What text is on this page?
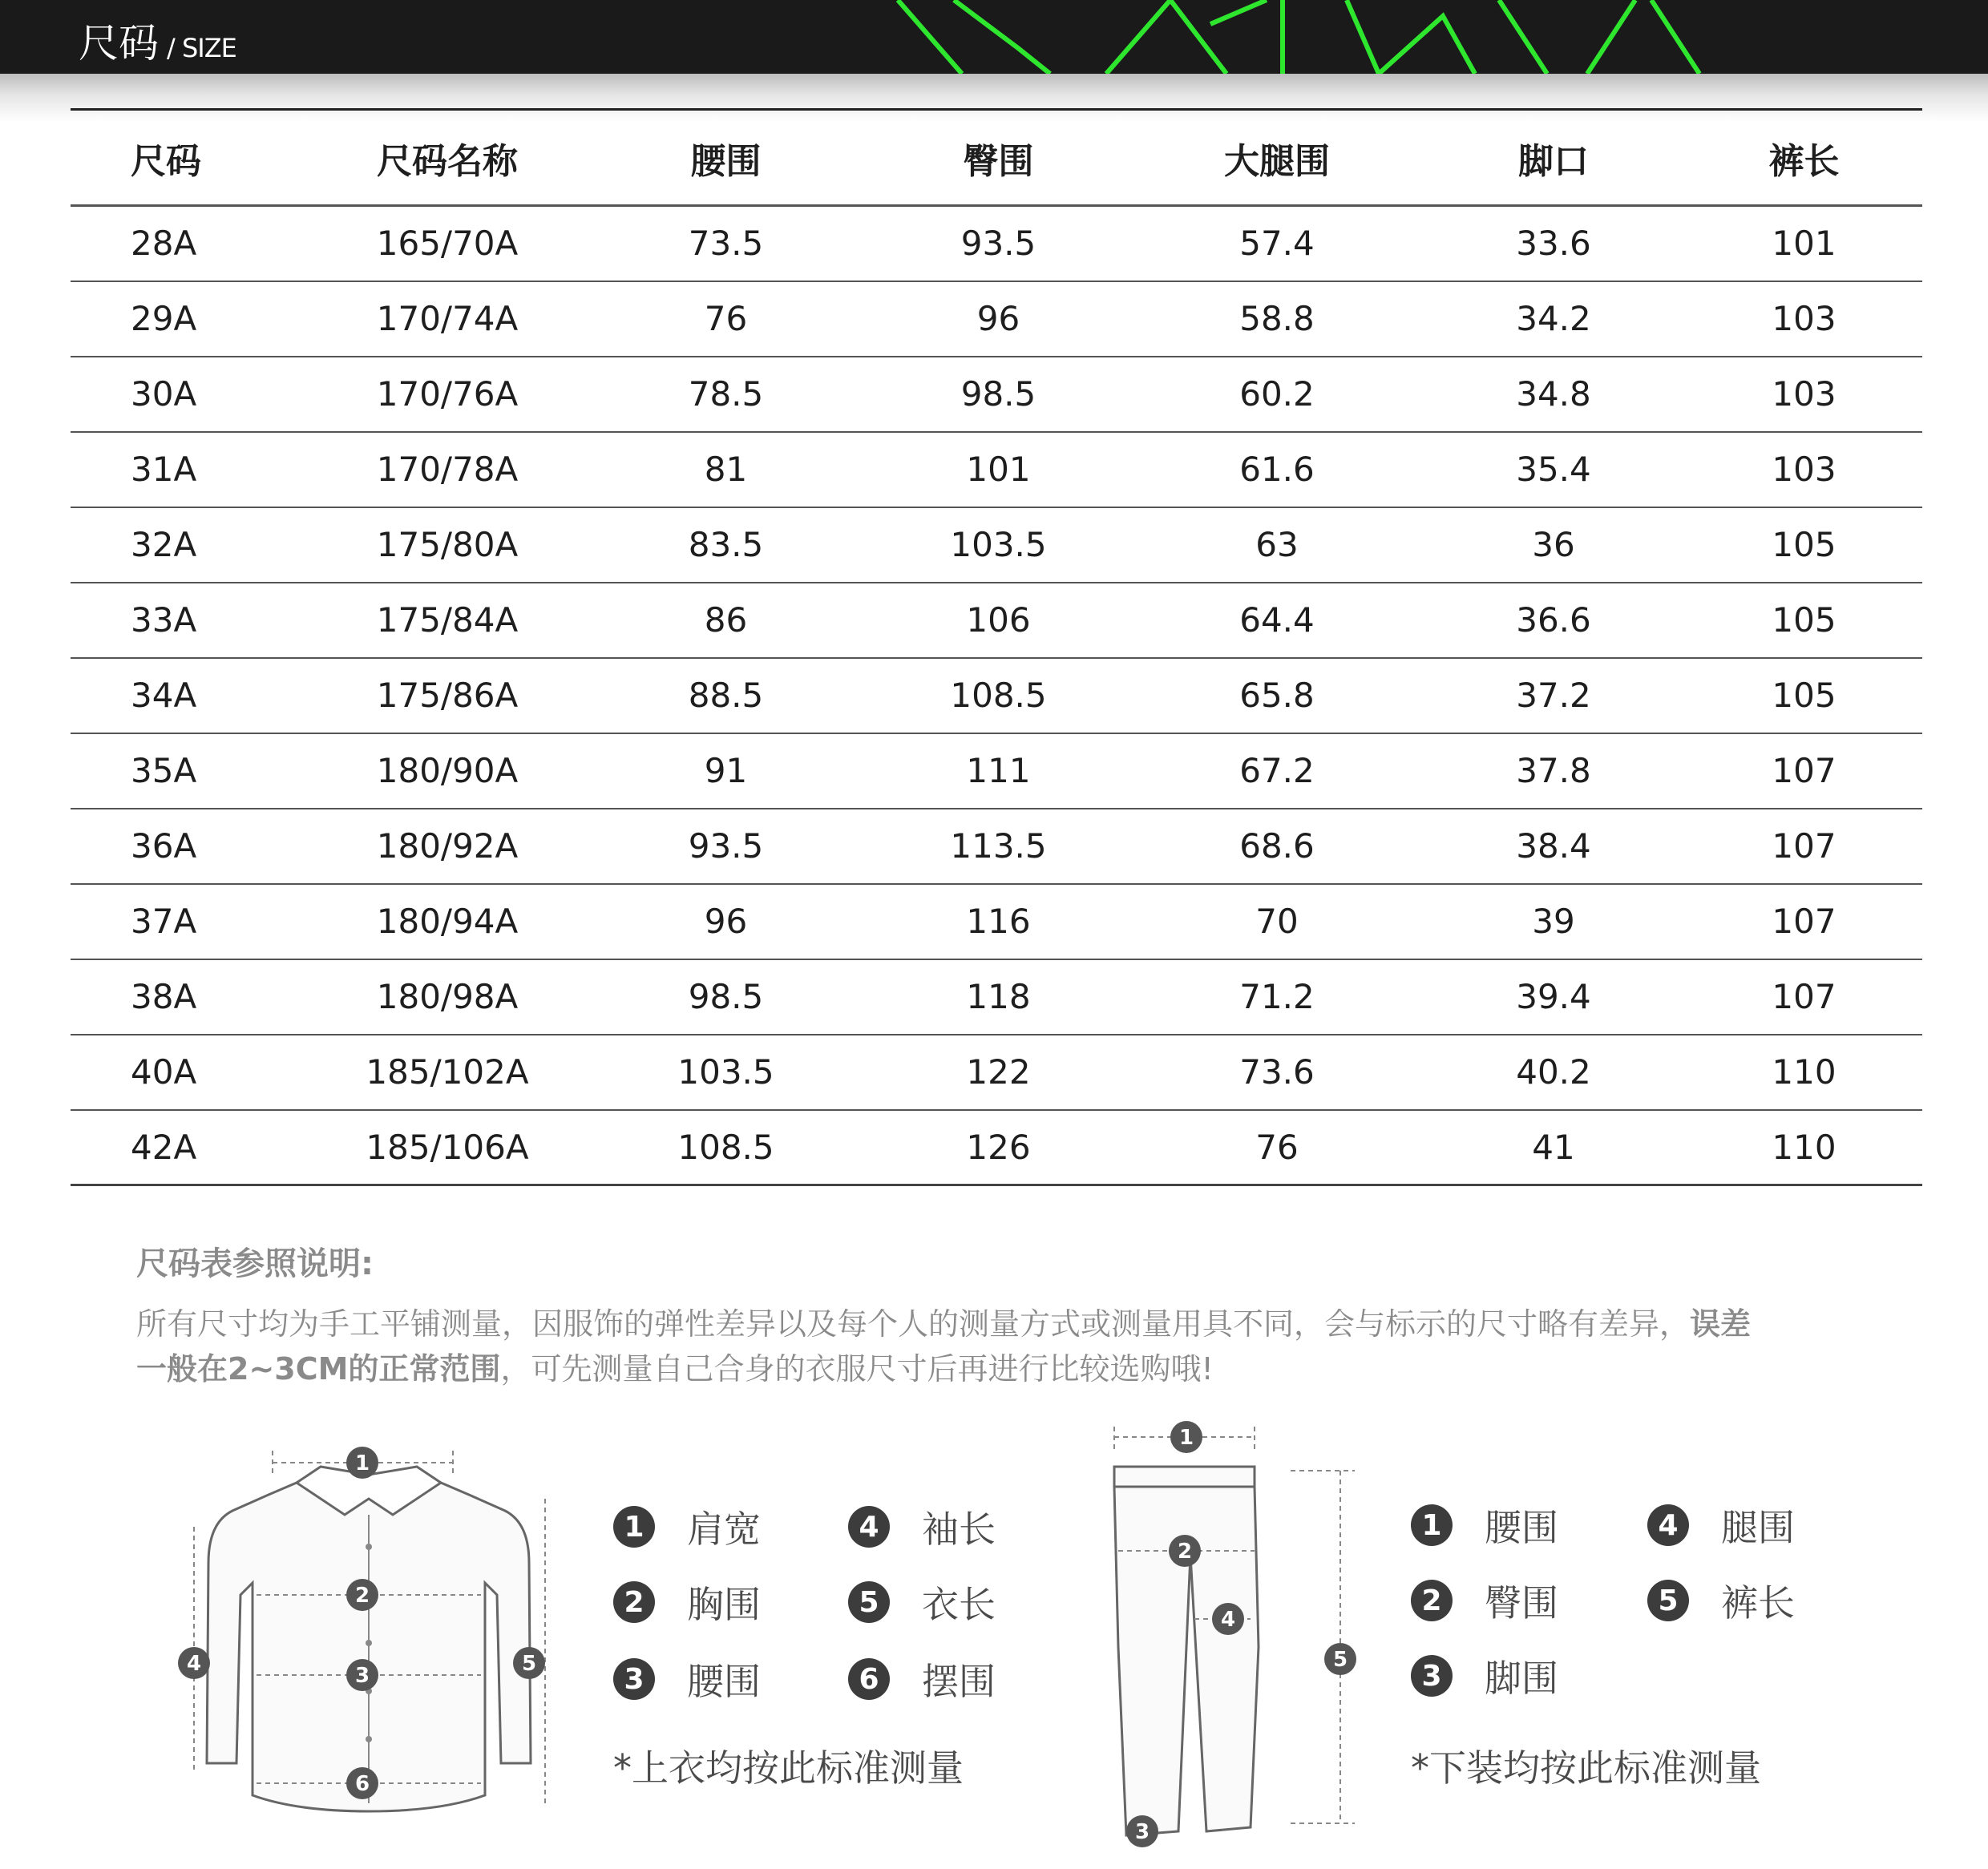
尺码 / SIZE
尺码	尺码名称	腰围	臀围	大腿围	脚口	裤长
28A	165/70A	73.5	93.5	57.4	33.6	101
29A	170/74A	76	96	58.8	34.2	103
30A	170/76A	78.5	98.5	60.2	34.8	103
31A	170/78A	81	101	61.6	35.4	103
32A	175/80A	83.5	103.5	63	36	105
33A	175/84A	86	106	64.4	36.6	105
34A	175/86A	88.5	108.5	65.8	37.2	105
35A	180/90A	91	111	67.2	37.8	107
36A	180/92A	93.5	113.5	68.6	38.4	107
37A	180/94A	96	116	70	39	107
38A	180/98A	98.5	118	71.2	39.4	107
40A	185/102A	103.5	122	73.6	40.2	110
42A	185/106A	108.5	126	76	41	110
尺码表参照说明:
所有尺寸均为手工平铺测量，因服饰的弹性差异以及每个人的测量方式或测量用具不同，会与标示的尺寸略有差异，误差
一般在2~3CM的正常范围，可先测量自己合身的衣服尺寸后再进行比较选购哦!
1
2
3
4	5
6
1 肩宽	4 袖长
2 胸围	5 衣长
3 腰围	6 摆围
*上衣均按此标准测量
1
2
3
4
5
1 腰围	4 腿围
2 臀围	5 裤长
3 脚围
*下装均按此标准测量
